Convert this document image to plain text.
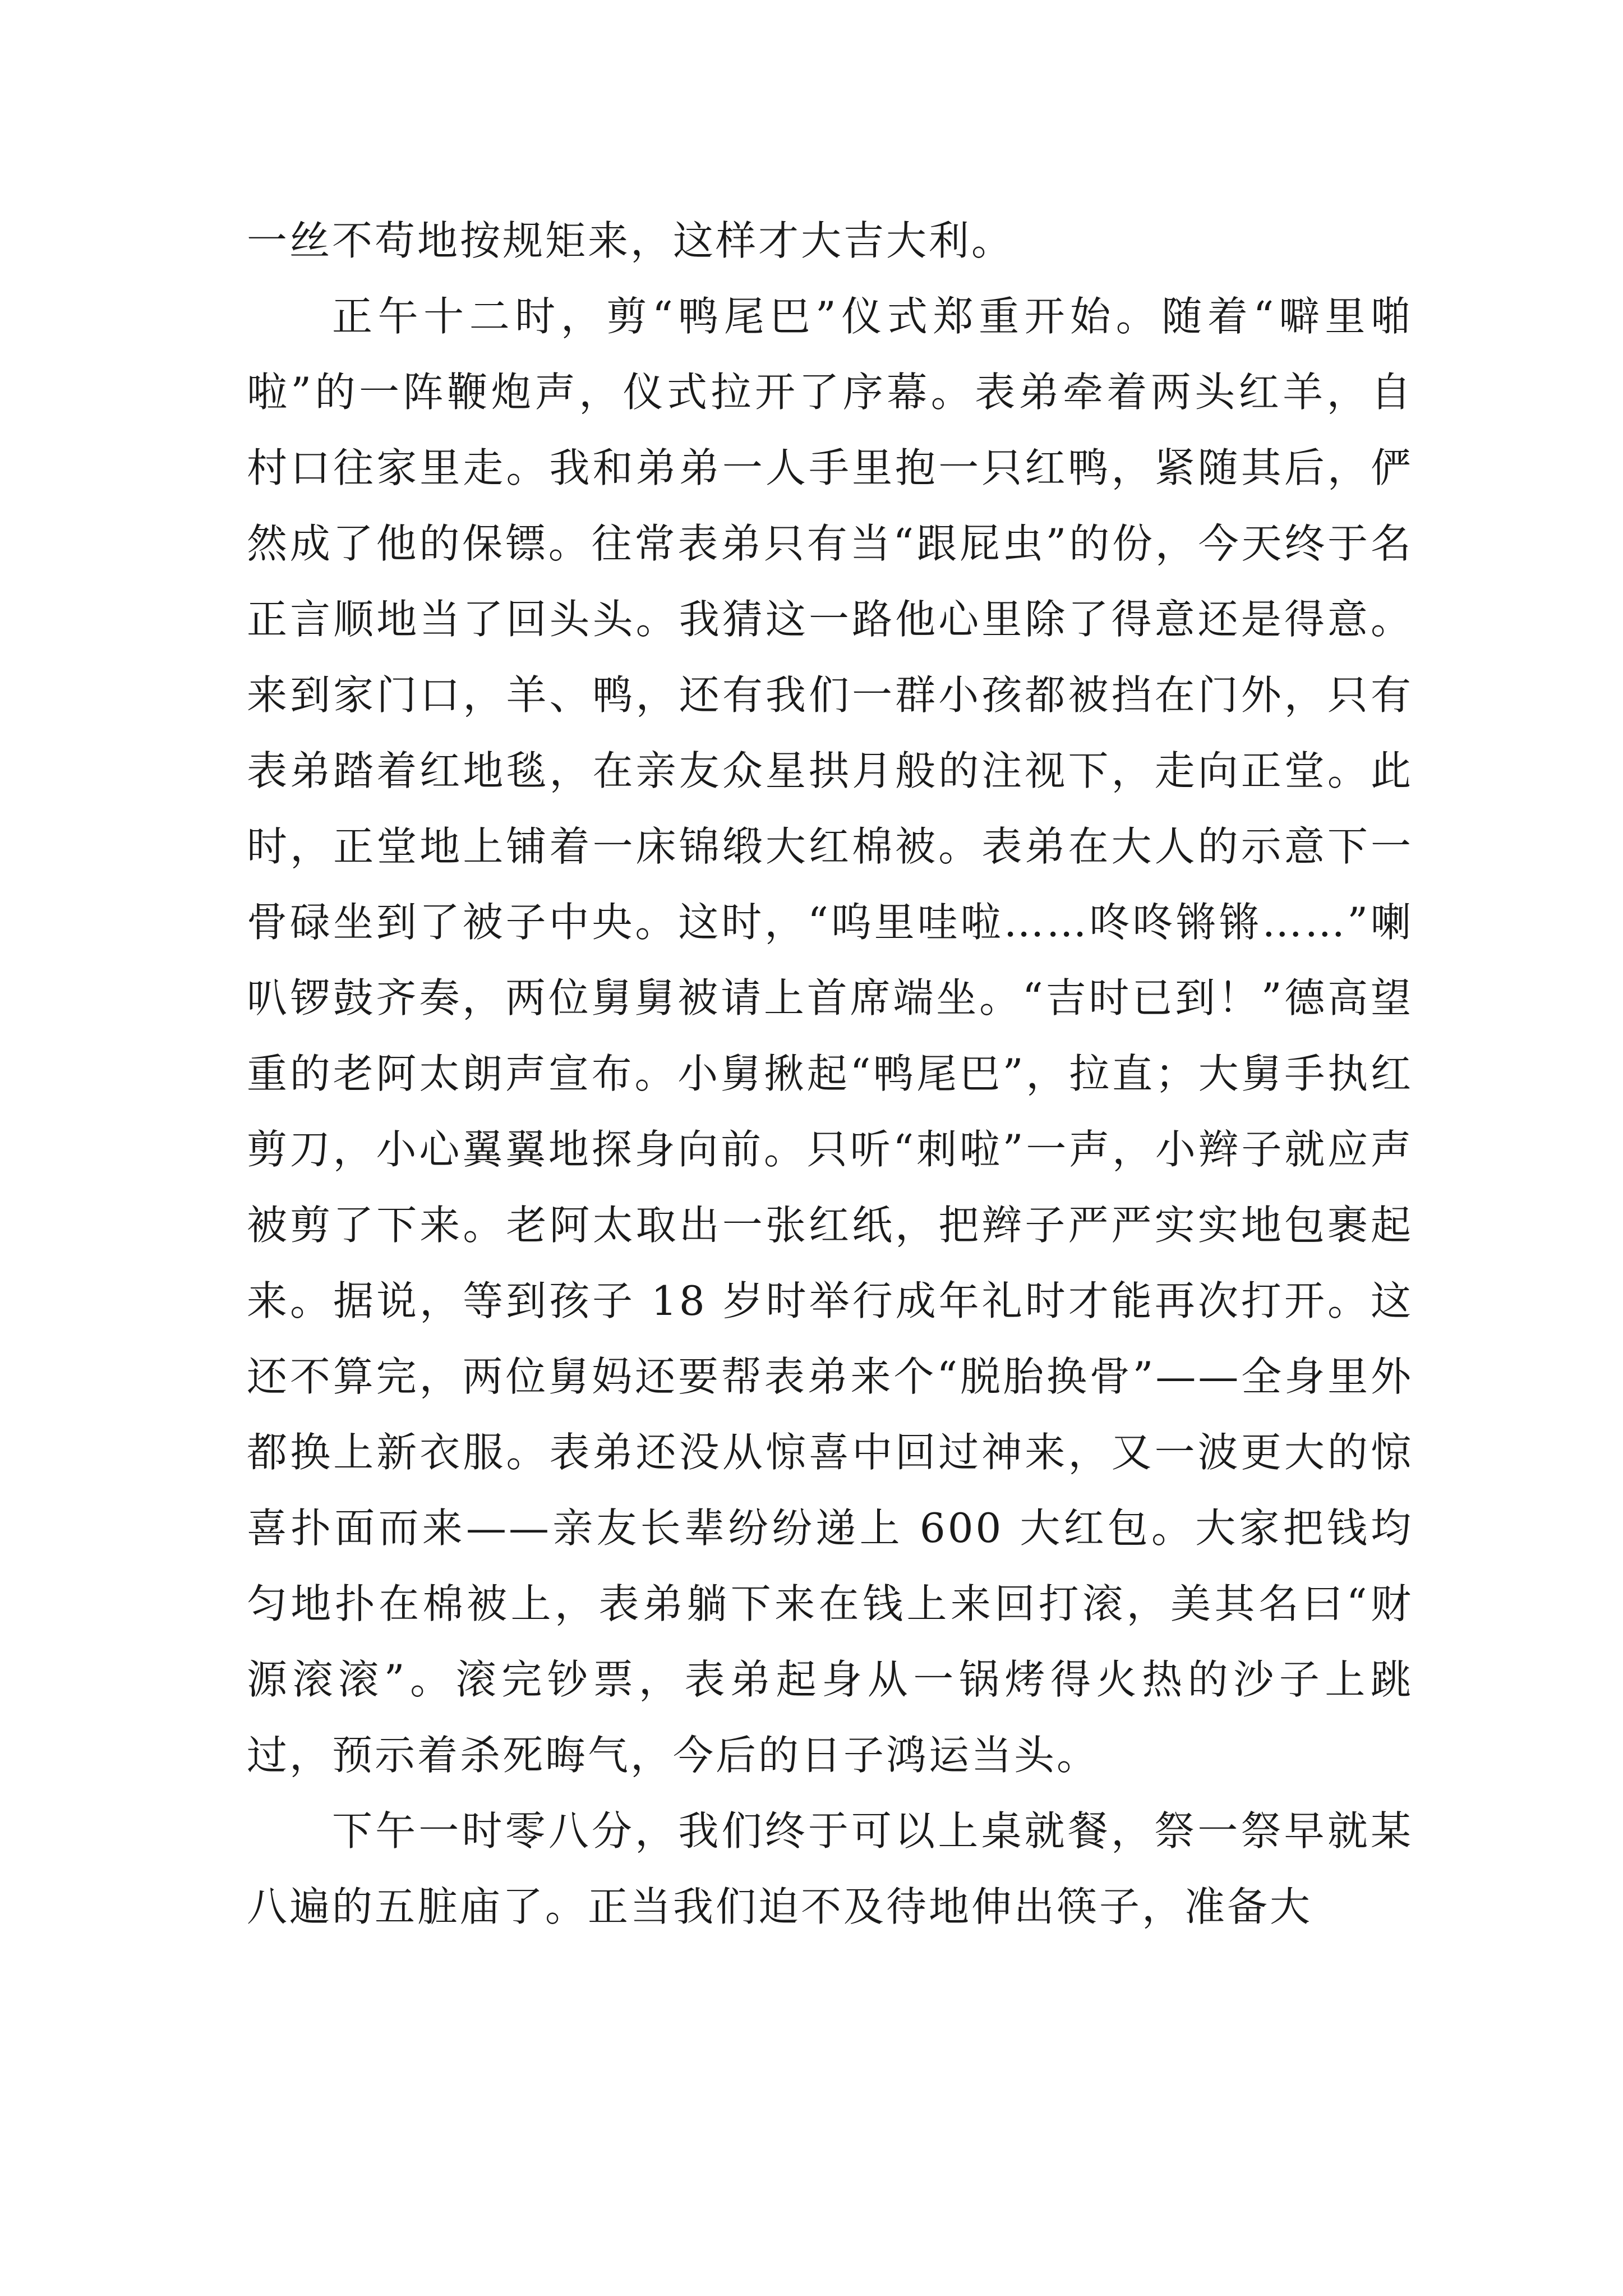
一丝不苟地按规矩来，这样才大吉大利。

正午十二时，剪“鸭尾巴”仪式郑重开始。随着“噼里啪啦”的一阵鞭炮声，仪式拉开了序幕。表弟牵着两头红羊，自村口往家里走。我和弟弟一人手里抱一只红鸭，紧随其后，俨然成了他的保镖。往常表弟只有当“跟屁虫”的份，今天终于名正言顺地当了回头头。我猜这一路他心里除了得意还是得意。来到家门口，羊、鸭，还有我们一群小孩都被挡在门外，只有表弟踏着红地毯，在亲友众星拱月般的注视下，走向正堂。此时，正堂地上铺着一床锦缎大红棉被。表弟在大人的示意下一骨碌坐到了被子中央。这时，“呜里哇啦……咚咚锵锵……”喇叭锣鼓齐奏，两位舅舅被请上首席端坐。“吉时已到！”德高望重的老阿太朗声宣布。小舅揪起“鸭尾巴”，拉直；大舅手执红剪刀，小心翼翼地探身向前。只听“刺啦”一声，小辫子就应声被剪了下来。老阿太取出一张红纸，把辫子严严实实地包裹起来。据说，等到孩子 18 岁时举行成年礼时才能再次打开。这还不算完，两位舅妈还要帮表弟来个“脱胎换骨”——全身里外都换上新衣服。表弟还没从惊喜中回过神来，又一波更大的惊喜扑面而来——亲友长辈纷纷递上 600 大红包。大家把钱均匀地扑在棉被上，表弟躺下来在钱上来回打滚，美其名曰“财源滚滚”。滚完钞票，表弟起身从一锅烤得火热的沙子上跳过，预示着杀死晦气，今后的日子鸿运当头。

下午一时零八分，我们终于可以上桌就餐，祭一祭早就某八遍的五脏庙了。正当我们迫不及待地伸出筷子，准备大
